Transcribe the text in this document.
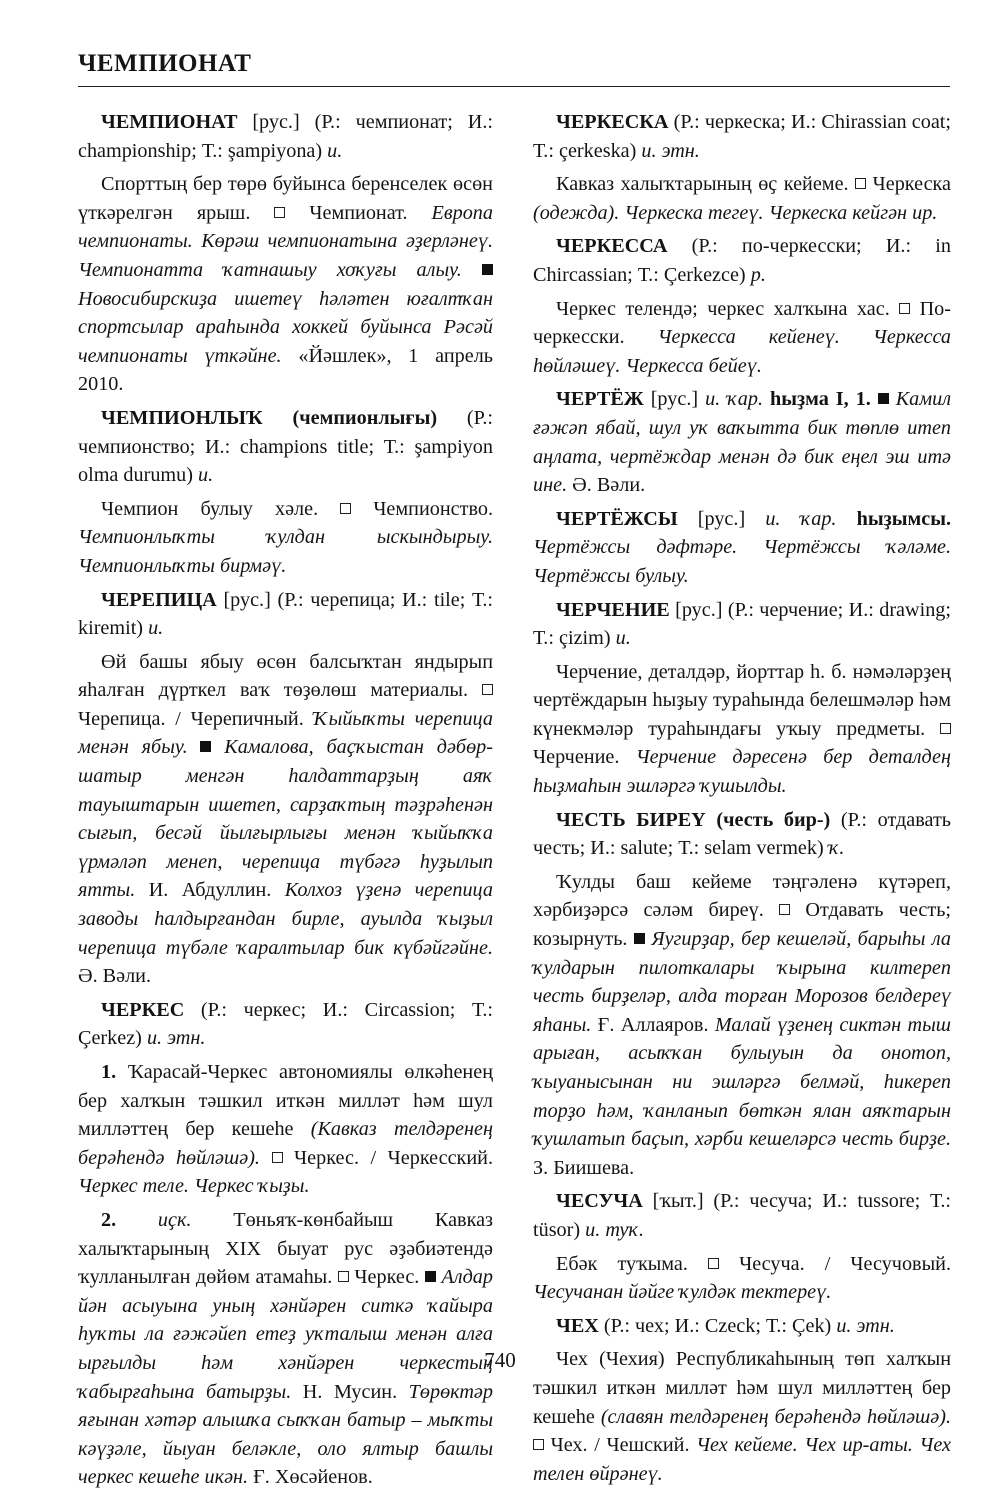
ЧЕМПИОНАТ

ЧЕМПИОНАТ [рус.] (Р.: чемпионат; И.: championship; Т.: şampiyona) и.

Спорттың бер төрө буйынса беренселек өсөн үткәрелгән ярыш.  Чемпионат. Европа чемпионаты. Көрәш чемпионатына әҙерләнеү. Чемпионатта ҡатнашыу хоҡуғы алыу.  Новосибирскиҙа ишетеү һәләтен юғалтҡан спортсылар араһында хоккей буйынса Рәсәй чемпионаты үткәйне. «Йәшлек», 1 апрель 2010.

ЧЕМПИОНЛЫҠ (чемпионлығы) (Р.: чемпионство; И.: champions title; Т.: şampiyon olma durumu) и.

Чемпион булыу хәле.  Чемпионство. Чемпионлыҡты ҡулдан ыскындырыу. Чемпионлыҡты бирмәү.

ЧЕРЕПИЦА [рус.] (Р.: черепица; И.: tile; Т.: kiremit) и.

Өй башы ябыу өсөн балсыҡтан яндырып яһалған дүрткел ваҡ төҙөлөш материалы.  Черепица. / Черепичный. Ҡыйыҡты черепица менән ябыу.  Камалова, баҫҡыстан дәбөр-шатыр менгән һалдаттарҙың аяҡ тауыштарын ишетеп, сарҙаҡтың тәҙрәһенән сығып, бесәй йылғырлығы менән ҡыйыҡҡа үрмәләп менеп, черепица түбәгә һуҙылып ятты. И. Абдуллин. Колхоз үҙенә черепица заводы һалдырғандан бирле, ауылда ҡыҙыл черепица түбәле ҡаралтылар бик күбәйгәйне. Ә. Вәли.

ЧЕРКЕС (Р.: черкес; И.: Circassion; Т.: Çerkez) и. этн.

1. Ҡарасай-Черкес автономиялы өлкәһенең бер халҡын тәшкил иткән милләт һәм шул милләттең бер кешеһе (Кавказ телдәренең берәһендә һөйләшә).  Черкес. / Черкесский. Черкес теле. Черкес ҡыҙы.

2. иҫк. Төньяҡ-көнбайыш Кавказ халыҡтарының XIX быуат рус әҙәбиәтендә ҡулланылған дөйөм атамаһы.  Черкес.  Алдар йән асыуына уның хәнйәрен ситкә ҡайыра һуҡты ла ғәжәйеп етеҙ уҡталыш менән алға ырғылды һәм хәнйәрен черкестың ҡабырғаһына батырҙы. Н. Мусин. Төрөктәр яғынан хәтәр алышҡа сыҡҡан батыр – мыҡты кәүҙәле, йыуан беләкле, оло ялтыр башлы черкес кешеһе икән. Ғ. Хөсәйенов.

ЧЕРКЕСКА (Р.: черкеска; И.: Chirassian coat; Т.: çerkeska) и. этн.

Кавказ халыҡтарының өҫ кейеме.  Черкеска (одежда). Черкеска тегеү. Черкеска кейгән ир.

ЧЕРКЕССА (Р.: по-черкесски; И.: in Chircassian; Т.: Çerkezce) р.

Черкес телендә; черкес халҡына хас.  По-черкесски. Черкесса кейенеү. Черкесса һөйләшеү. Черкесса бейеү.

ЧЕРТЁЖ [рус.] и. ҡар. һыҙма I, 1.  Камил ғәжәп ябай, шул уҡ ваҡытта бик төплө итеп аңлата, чертёждар менән дә бик еңел эш итә ине. Ә. Вәли.

ЧЕРТЁЖСЫ [рус.] и. ҡар. һыҙымсы. Чертёжсы дәфтәре. Чертёжсы ҡәләме. Чертёжсы булыу.

ЧЕРЧЕНИЕ [рус.] (Р.: черчение; И.: drawing; Т.: çizim) и.

Черчение, деталдәр, йорттар һ. б. нәмәләрҙең чертёждарын һыҙыу тураһында белешмәләр һәм күнекмәләр тураһындағы уҡыу предметы.  Черчение. Черчение дәресенә бер деталдең һыҙмаһын эшләргә ҡушылды.

ЧЕСТЬ БИРЕҮ (честь бир-) (Р.: отдавать честь; И.: salute; Т.: selam vermek) ҡ.

Ҡулды баш кейеме тәңгәленә күтәреп, хәрбиҙәрсә сәләм биреү.  Отдавать честь; козырнуть.  Яугирҙар, бер кешеләй, барыһы ла ҡулдарын пилоткалары ҡырына килтереп честь бирҙеләр, алда торған Морозов белдереү яһаны. Ғ. Аллаяров. Малай үҙенең сиктән тыш арыған, асыҡҡан булыуын да онотоп, ҡыуанысынан ни эшләргә белмәй, һикереп торҙо һәм, ҡанланып бөткән ялан аяҡтарын ҡушлатып баҫып, хәрби кешеләрсә честь бирҙе. З. Биишева.

ЧЕСУЧА [ҡыт.] (Р.: чесуча; И.: tussore; Т.: tüsor) и. туҡ.

Ебәк туҡыма.  Чесуча. / Чесучовый. Чесучанан йәйге ҡулдәк тектереү.

ЧЕХ (Р.: чех; И.: Czeck; Т.: Çek) и. этн.

Чех (Чехия) Республикаһының төп халҡын тәшкил иткән милләт һәм шул милләттең бер кешеһе (славян телдәренең берәһендә һөйләшә).  Чех. / Чешский. Чех кейеме. Чех ир-аты. Чех телен өйрәнеү.

740
